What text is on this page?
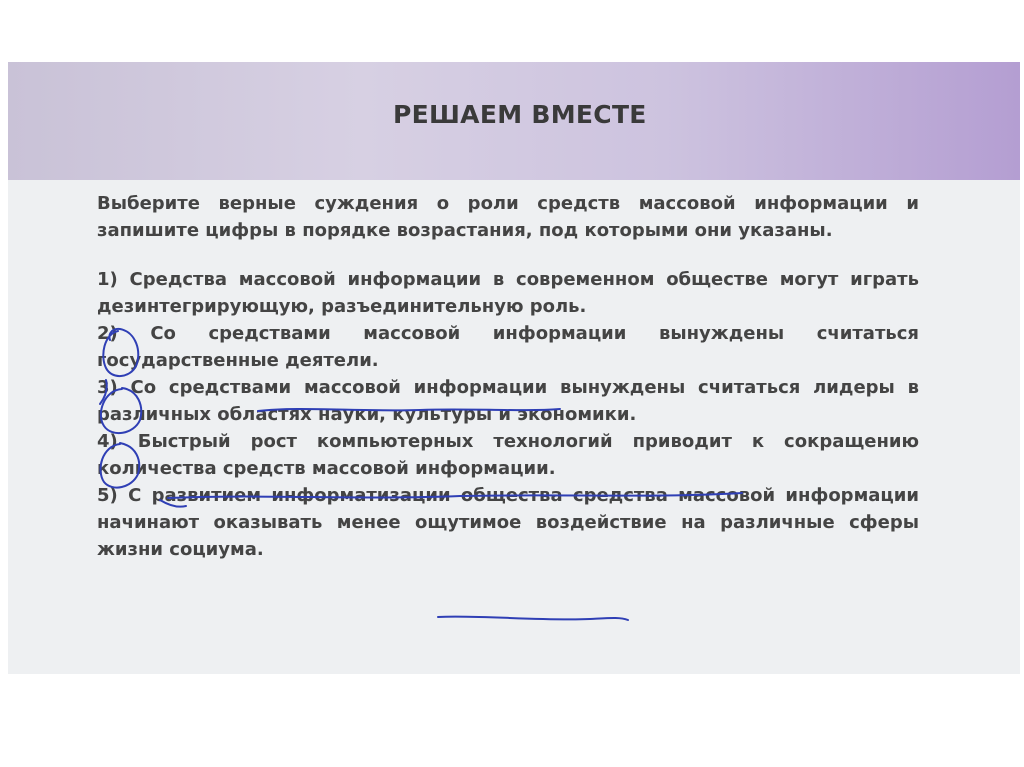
РЕШАЕМ ВМЕСТЕ

Выберите верные суждения о роли средств массовой информации и запишите цифры в порядке возрастания, под которыми они указаны.

1) Средства массовой информации в современном обществе могут играть дезинтегрирующую, разъединительную роль.
2) Со средствами массовой информации вынуждены считаться государственные деятели.
3) Со средствами массовой информации вынуждены считаться лидеры в различных областях науки, культуры и экономики.
4) Быстрый рост компьютерных технологий приводит к сокращению количества средств массовой информации.
5) С развитием информатизации общества средства массовой информации начинают оказывать менее ощутимое воздействие на различные сферы жизни социума.
